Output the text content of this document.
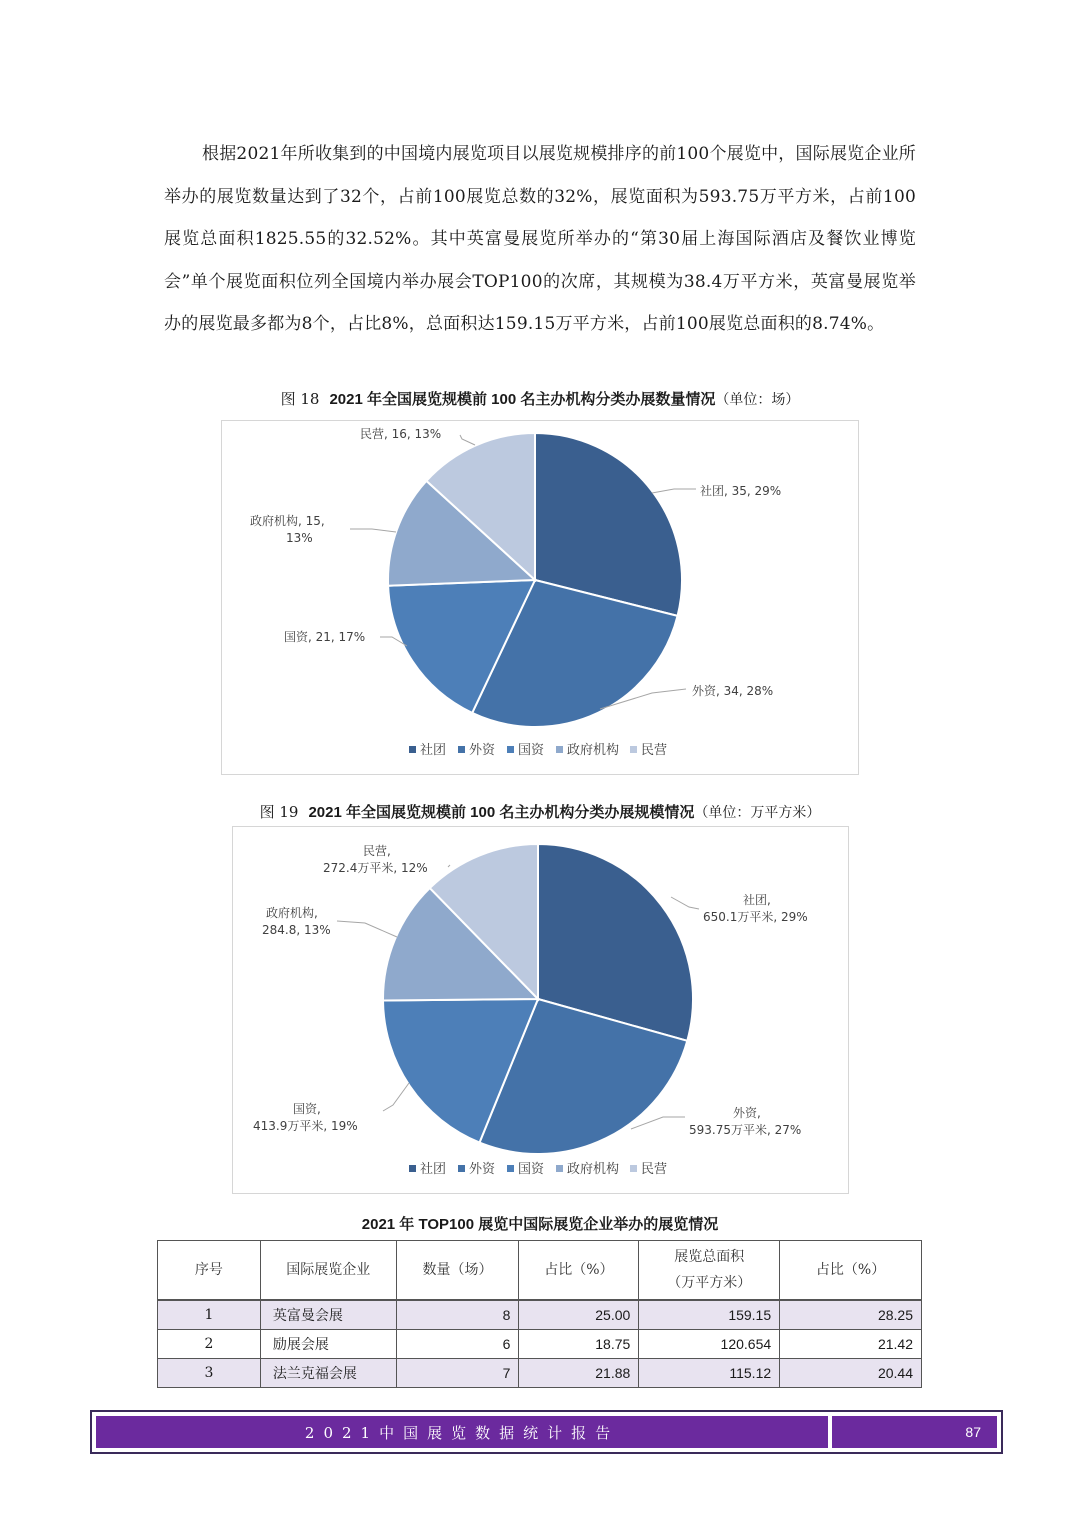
根据2021年所收集到的中国境内展览项目以展览规模排序的前100个展览中，国际展览企业所举办的展览数量达到了32个，占前100展览总数的32%，展览面积为593.75万平方米，占前100展览总面积1825.55的32.52%。其中英富曼展览所举办的“第30届上海国际酒店及餐饮业博览会”单个展览面积位列全国境内举办展会TOP100的次席，其规模为38.4万平方米，英富曼展览举办的展览最多都为8个，占比8%，总面积达159.15万平方米，占前100展览总面积的8.74%。

图 18 2021 年全国展览规模前 100 名主办机构分类办展数量情况（单位：场）
社团, 35, 29%
外资, 34, 28%
国资, 21, 17%
政府机构, 15,
13%
民营, 16, 13%
社团 外资 国资 政府机构 民营
图 19 2021 年全国展览规模前 100 名主办机构分类办展规模情况（单位：万平方米）
社团,
650.1万平米, 29%
外资,
593.75万平米, 27%
国资,
413.9万平米, 19%
政府机构,
284.8, 13%
民营,
272.4万平米, 12%
社团 外资 国资 政府机构 民营
2021 年 TOP100 展览中国际展览企业举办的展览情况
序号	国际展览企业	数量（场）	占比（%）	展览总面积
（万平方米）	占比（%）
1	英富曼会展	8	25.00	159.15	28.25
2	励展会展	6	18.75	120.654	21.42
3	法兰克福会展	7	21.88	115.12	20.44
2021中国展览数据统计报告	87
